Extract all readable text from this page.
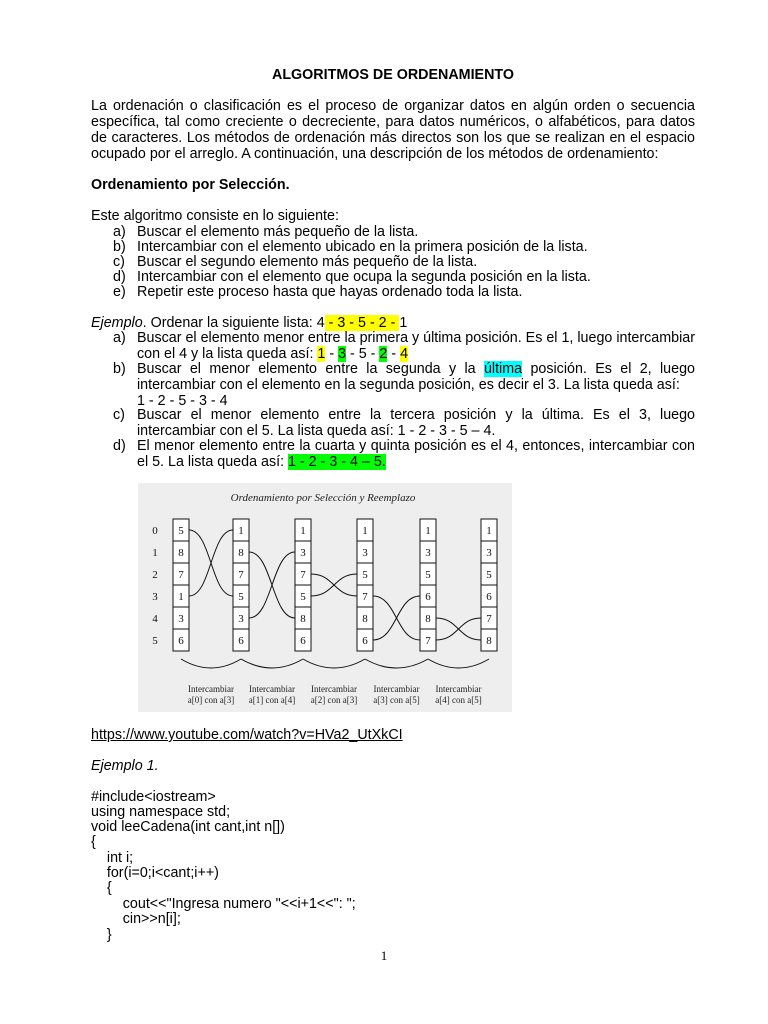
ALGORITMOS DE ORDENAMIENTO
La ordenación o clasificación es el proceso de organizar datos en algún orden o secuencia específica, tal como creciente o decreciente, para datos numéricos, o alfabéticos, para datos de caracteres. Los métodos de ordenación más directos son los que se realizan en el espacio ocupado por el arreglo. A continuación, una descripción de los métodos de ordenamiento:
Ordenamiento por Selección.
Este algoritmo consiste en lo siguiente:
a) Buscar el elemento más pequeño de la lista.
b) Intercambiar con el elemento ubicado en la primera posición de la lista.
c) Buscar el segundo elemento más pequeño de la lista.
d) Intercambiar con el elemento que ocupa la segunda posición en la lista.
e) Repetir este proceso hasta que hayas ordenado toda la lista.
Ejemplo. Ordenar la siguiente lista: 4 - 3 - 5 - 2 - 1
a) Buscar el elemento menor entre la primera y última posición. Es el 1, luego intercambiar con el 4 y la lista queda así: 1 - 3 - 5 - 2 - 4
b) Buscar el menor elemento entre la segunda y la última posición. Es el 2, luego intercambiar con el elemento en la segunda posición, es decir el 3. La lista queda así:
1 - 2 - 5 - 3 - 4
c) Buscar el menor elemento entre la tercera posición y la última. Es el 3, luego intercambiar con el 5. La lista queda así: 1 - 2 - 3 - 5 – 4.
d) El menor elemento entre la cuarta y quinta posición es el 4, entonces, intercambiar con el 5. La lista queda así: 1 - 2 - 3 - 4 – 5.
Ordenamiento por Selección y Reemplazo
0
1
2
3
4
5
5
8
7
1
3
6
1
8
7
5
3
6
1
3
7
5
8
6
1
3
5
7
8
6
1
3
5
6
8
7
1
3
5
6
7
8
Intercambiar
a[0] con a[3]
Intercambiar
a[1] con a[4]
Intercambiar
a[2] con a[3]
Intercambiar
a[3] con a[5]
Intercambiar
a[4] con a[5]
https://www.youtube.com/watch?v=HVa2_UtXkCI
Ejemplo 1.
#include<iostream>
using namespace std;
void leeCadena(int cant,int n[])
{
int i;
for(i=0;i<cant;i++)
{
cout<<"Ingresa numero "<<i+1<<": ";
cin>>n[i];
}
1
